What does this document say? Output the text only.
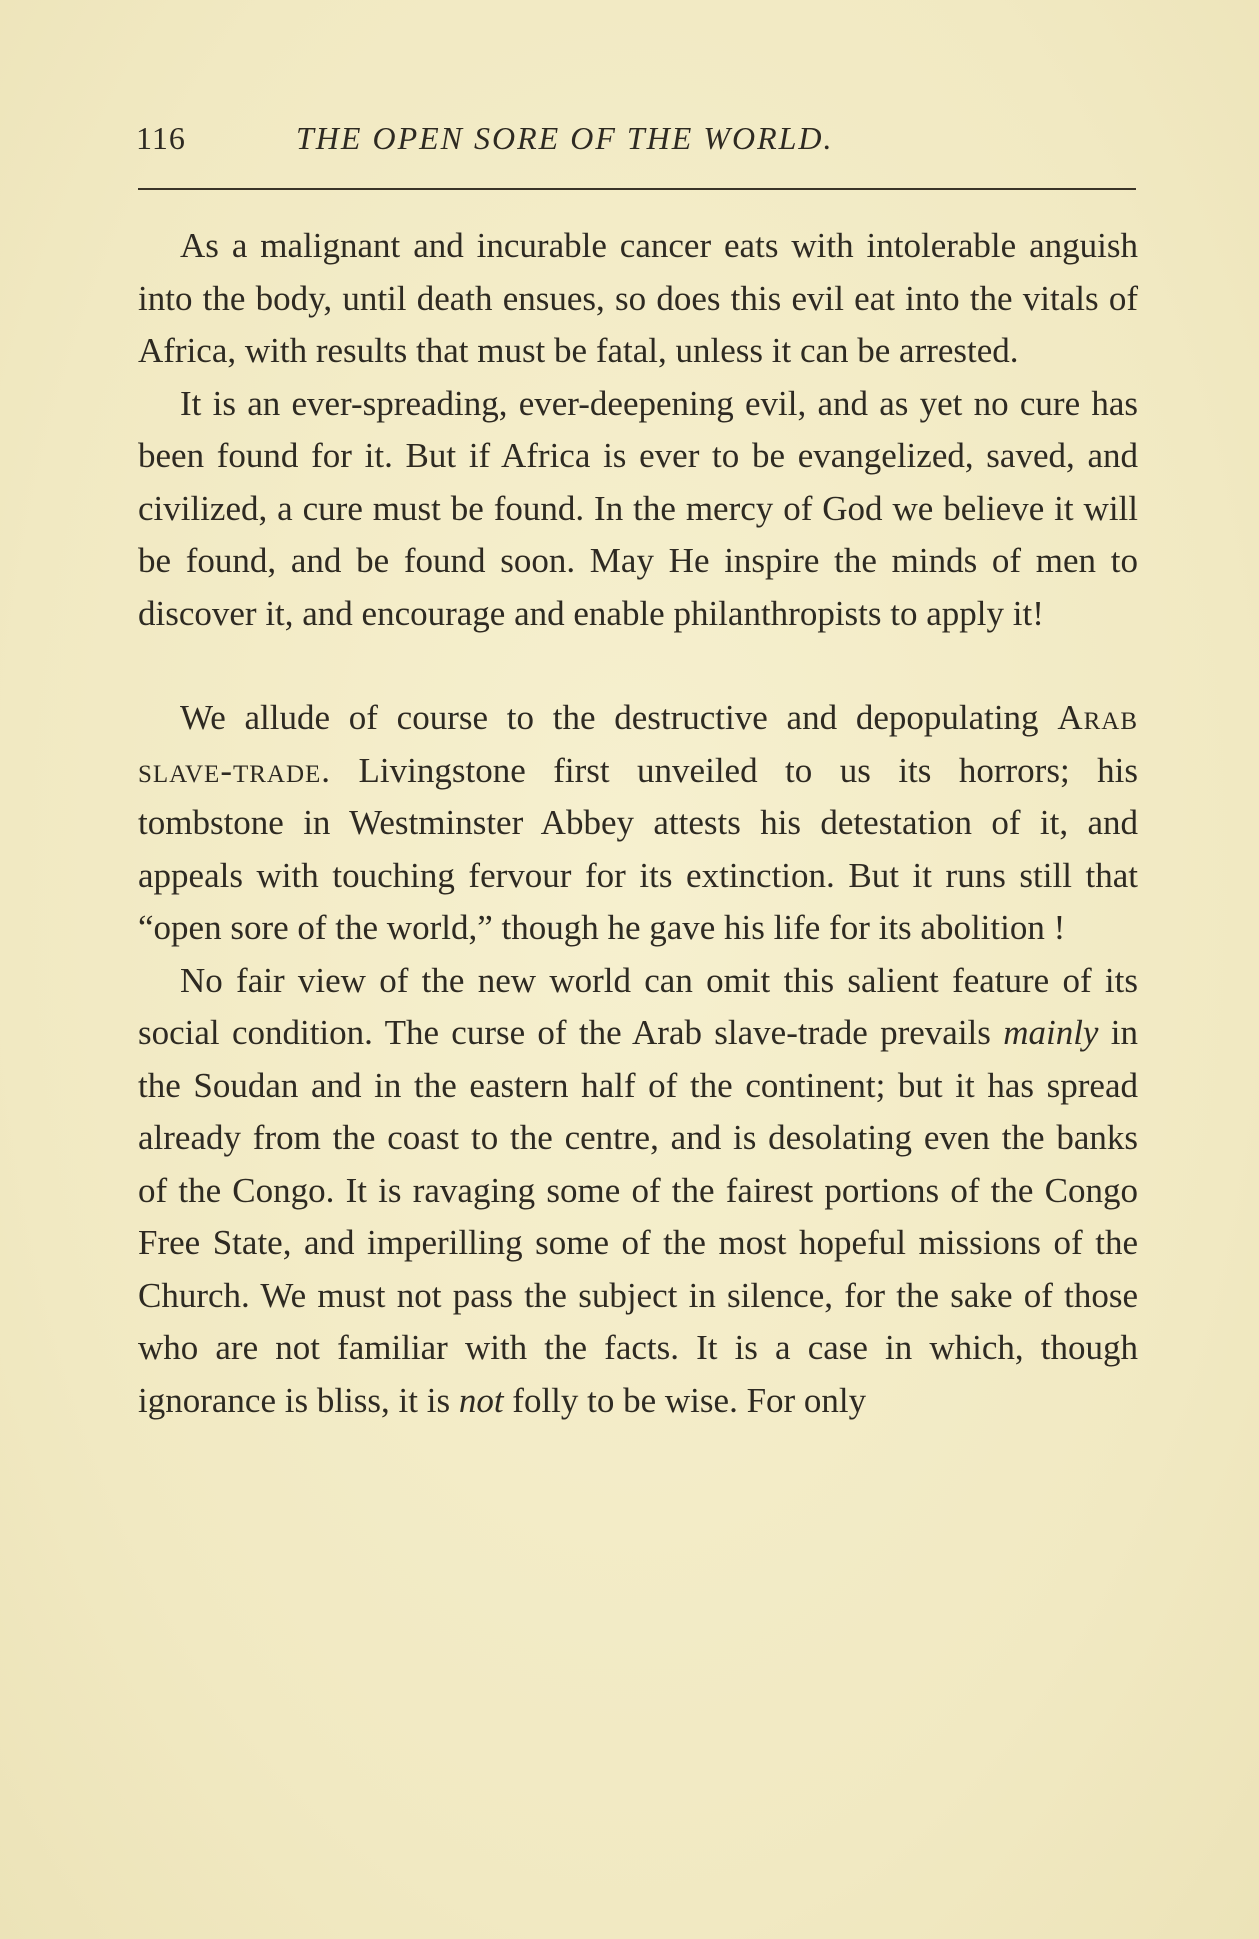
116	THE OPEN SORE OF THE WORLD.

As a malignant and incurable cancer eats with intolerable anguish into the body, until death ensues, so does this evil eat into the vitals of Africa, with results that must be fatal, unless it can be arrested.

It is an ever-spreading, ever-deepening evil, and as yet no cure has been found for it. But if Africa is ever to be evangelized, saved, and civilized, a cure must be found. In the mercy of God we believe it will be found, and be found soon. May He inspire the minds of men to discover it, and encourage and enable philanthropists to apply it!

We allude of course to the destructive and depopulating Arab slave-trade. Livingstone first unveiled to us its horrors; his tombstone in Westminster Abbey attests his detestation of it, and appeals with touching fervour for its extinction. But it runs still that “open sore of the world,” though he gave his life for its abolition !

No fair view of the new world can omit this salient feature of its social condition. The curse of the Arab slave-trade prevails mainly in the Soudan and in the eastern half of the continent; but it has spread already from the coast to the centre, and is desolating even the banks of the Congo. It is ravaging some of the fairest portions of the Congo Free State, and imperilling some of the most hopeful missions of the Church. We must not pass the subject in silence, for the sake of those who are not familiar with the facts. It is a case in which, though ignorance is bliss, it is not folly to be wise. For only
